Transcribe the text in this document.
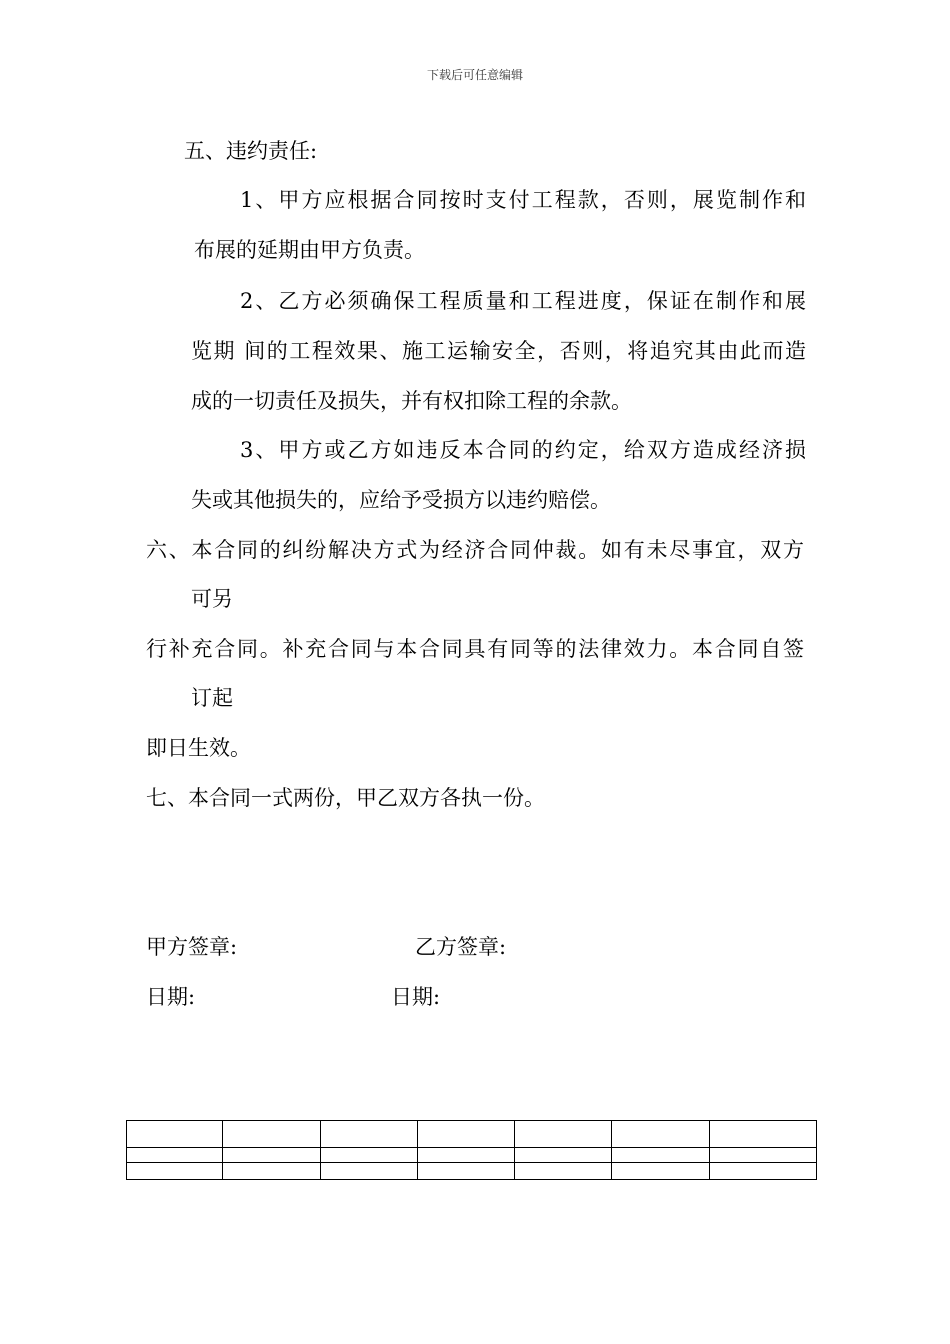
下载后可任意编辑
五、违约责任:
1、甲方应根据合同按时支付工程款，否则，展览制作和
布展的延期由甲方负责。
2、乙方必须确保工程质量和工程进度，保证在制作和展
览期 间的工程效果、施工运输安全，否则，将追究其由此而造
成的一切责任及损失，并有权扣除工程的余款。
3、甲方或乙方如违反本合同的约定，给双方造成经济损
失或其他损失的，应给予受损方以违约赔偿。
六、本合同的纠纷解决方式为经济合同仲裁。如有未尽事宜，双方
可另
行补充合同。补充合同与本合同具有同等的法律效力。本合同自签
订起
即日生效。
七、本合同一式两份，甲乙双方各执一份。
甲方签章:	乙方签章:
日期:	日期:
